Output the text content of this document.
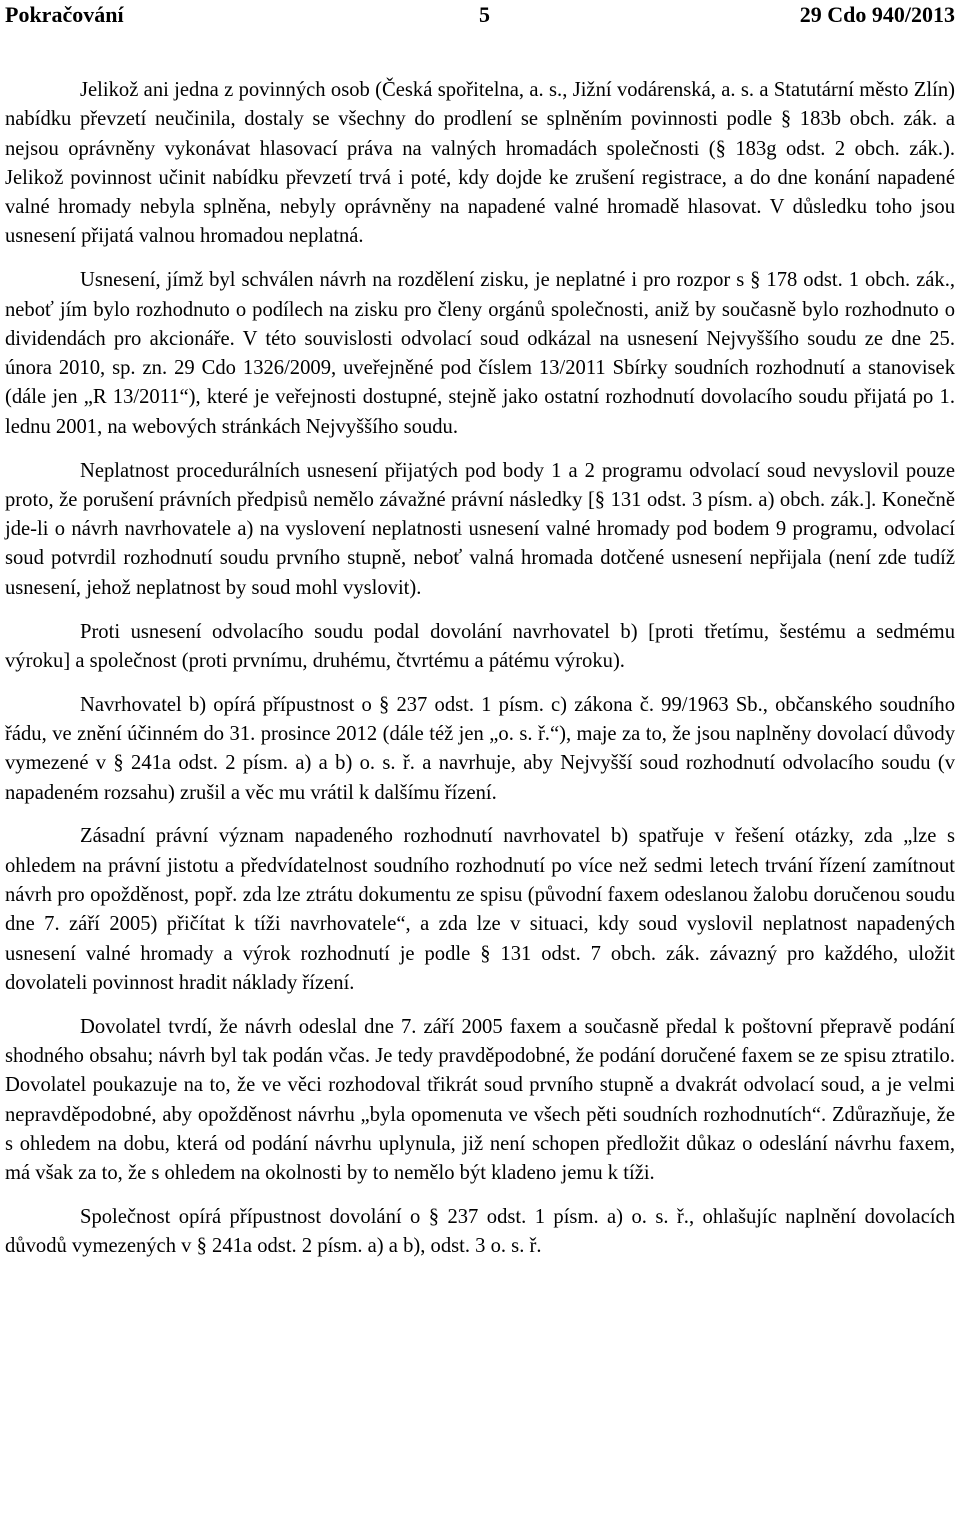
Pokračování	5	29 Cdo 940/2013

Jelikož ani jedna z povinných osob (Česká spořitelna, a. s., Jižní vodárenská, a. s. a Statutární město Zlín) nabídku převzetí neučinila, dostaly se všechny do prodlení se splněním povinnosti podle § 183b obch. zák. a nejsou oprávněny vykonávat hlasovací práva na valných hromadách společnosti (§ 183g odst. 2 obch. zák.). Jelikož povinnost učinit nabídku převzetí trvá i poté, kdy dojde ke zrušení registrace, a do dne konání napadené valné hromady nebyla splněna, nebyly oprávněny na napadené valné hromadě hlasovat. V důsledku toho jsou usnesení přijatá valnou hromadou neplatná.

Usnesení, jímž byl schválen návrh na rozdělení zisku, je neplatné i pro rozpor s § 178 odst. 1 obch. zák., neboť jím bylo rozhodnuto o podílech na zisku pro členy orgánů společnosti, aniž by současně bylo rozhodnuto o dividendách pro akcionáře. V této souvislosti odvolací soud odkázal na usnesení Nejvyššího soudu ze dne 25. února 2010, sp. zn. 29 Cdo 1326/2009, uveřejněné pod číslem 13/2011 Sbírky soudních rozhodnutí a stanovisek (dále jen „R 13/2011“), které je veřejnosti dostupné, stejně jako ostatní rozhodnutí dovolacího soudu přijatá po 1. lednu 2001, na webových stránkách Nejvyššího soudu.

Neplatnost procedurálních usnesení přijatých pod body 1 a 2 programu odvolací soud nevyslovil pouze proto, že porušení právních předpisů nemělo závažné právní následky [§ 131 odst. 3 písm. a) obch. zák.]. Konečně jde-li o návrh navrhovatele a) na vyslovení neplatnosti usnesení valné hromady pod bodem 9 programu, odvolací soud potvrdil rozhodnutí soudu prvního stupně, neboť valná hromada dotčené usnesení nepřijala (není zde tudíž usnesení, jehož neplatnost by soud mohl vyslovit).

Proti usnesení odvolacího soudu podal dovolání navrhovatel b) [proti třetímu, šestému a sedmému výroku] a společnost (proti prvnímu, druhému, čtvrtému a pátému výroku).

Navrhovatel b) opírá přípustnost o § 237 odst. 1 písm. c) zákona č. 99/1963 Sb., občanského soudního řádu, ve znění účinném do 31. prosince 2012 (dále též jen „o. s. ř.“), maje za to, že jsou naplněny dovolací důvody vymezené v § 241a odst. 2 písm. a) a b) o. s. ř. a navrhuje, aby Nejvyšší soud rozhodnutí odvolacího soudu (v napadeném rozsahu) zrušil a věc mu vrátil k dalšímu řízení.

Zásadní právní význam napadeného rozhodnutí navrhovatel b) spatřuje v řešení otázky, zda „lze s ohledem na právní jistotu a předvídatelnost soudního rozhodnutí po více než sedmi letech trvání řízení zamítnout návrh pro opožděnost, popř. zda lze ztrátu dokumentu ze spisu (původní faxem odeslanou žalobu doručenou soudu dne 7. září 2005) přičítat k tíži navrhovatele“, a zda lze v situaci, kdy soud vyslovil neplatnost napadených usnesení valné hromady a výrok rozhodnutí je podle § 131 odst. 7 obch. zák. závazný pro každého, uložit dovolateli povinnost hradit náklady řízení.

Dovolatel tvrdí, že návrh odeslal dne 7. září 2005 faxem a současně předal k poštovní přepravě podání shodného obsahu; návrh byl tak podán včas. Je tedy pravděpodobné, že podání doručené faxem se ze spisu ztratilo. Dovolatel poukazuje na to, že ve věci rozhodoval třikrát soud prvního stupně a dvakrát odvolací soud, a je velmi nepravděpodobné, aby opožděnost návrhu „byla opomenuta ve všech pěti soudních rozhodnutích“. Zdůrazňuje, že s ohledem na dobu, která od podání návrhu uplynula, již není schopen předložit důkaz o odeslání návrhu faxem, má však za to, že s ohledem na okolnosti by to nemělo být kladeno jemu k tíži.

Společnost opírá přípustnost dovolání o § 237 odst. 1 písm. a) o. s. ř., ohlašujíc naplnění dovolacích důvodů vymezených v § 241a odst. 2 písm. a) a b), odst. 3 o. s. ř.
